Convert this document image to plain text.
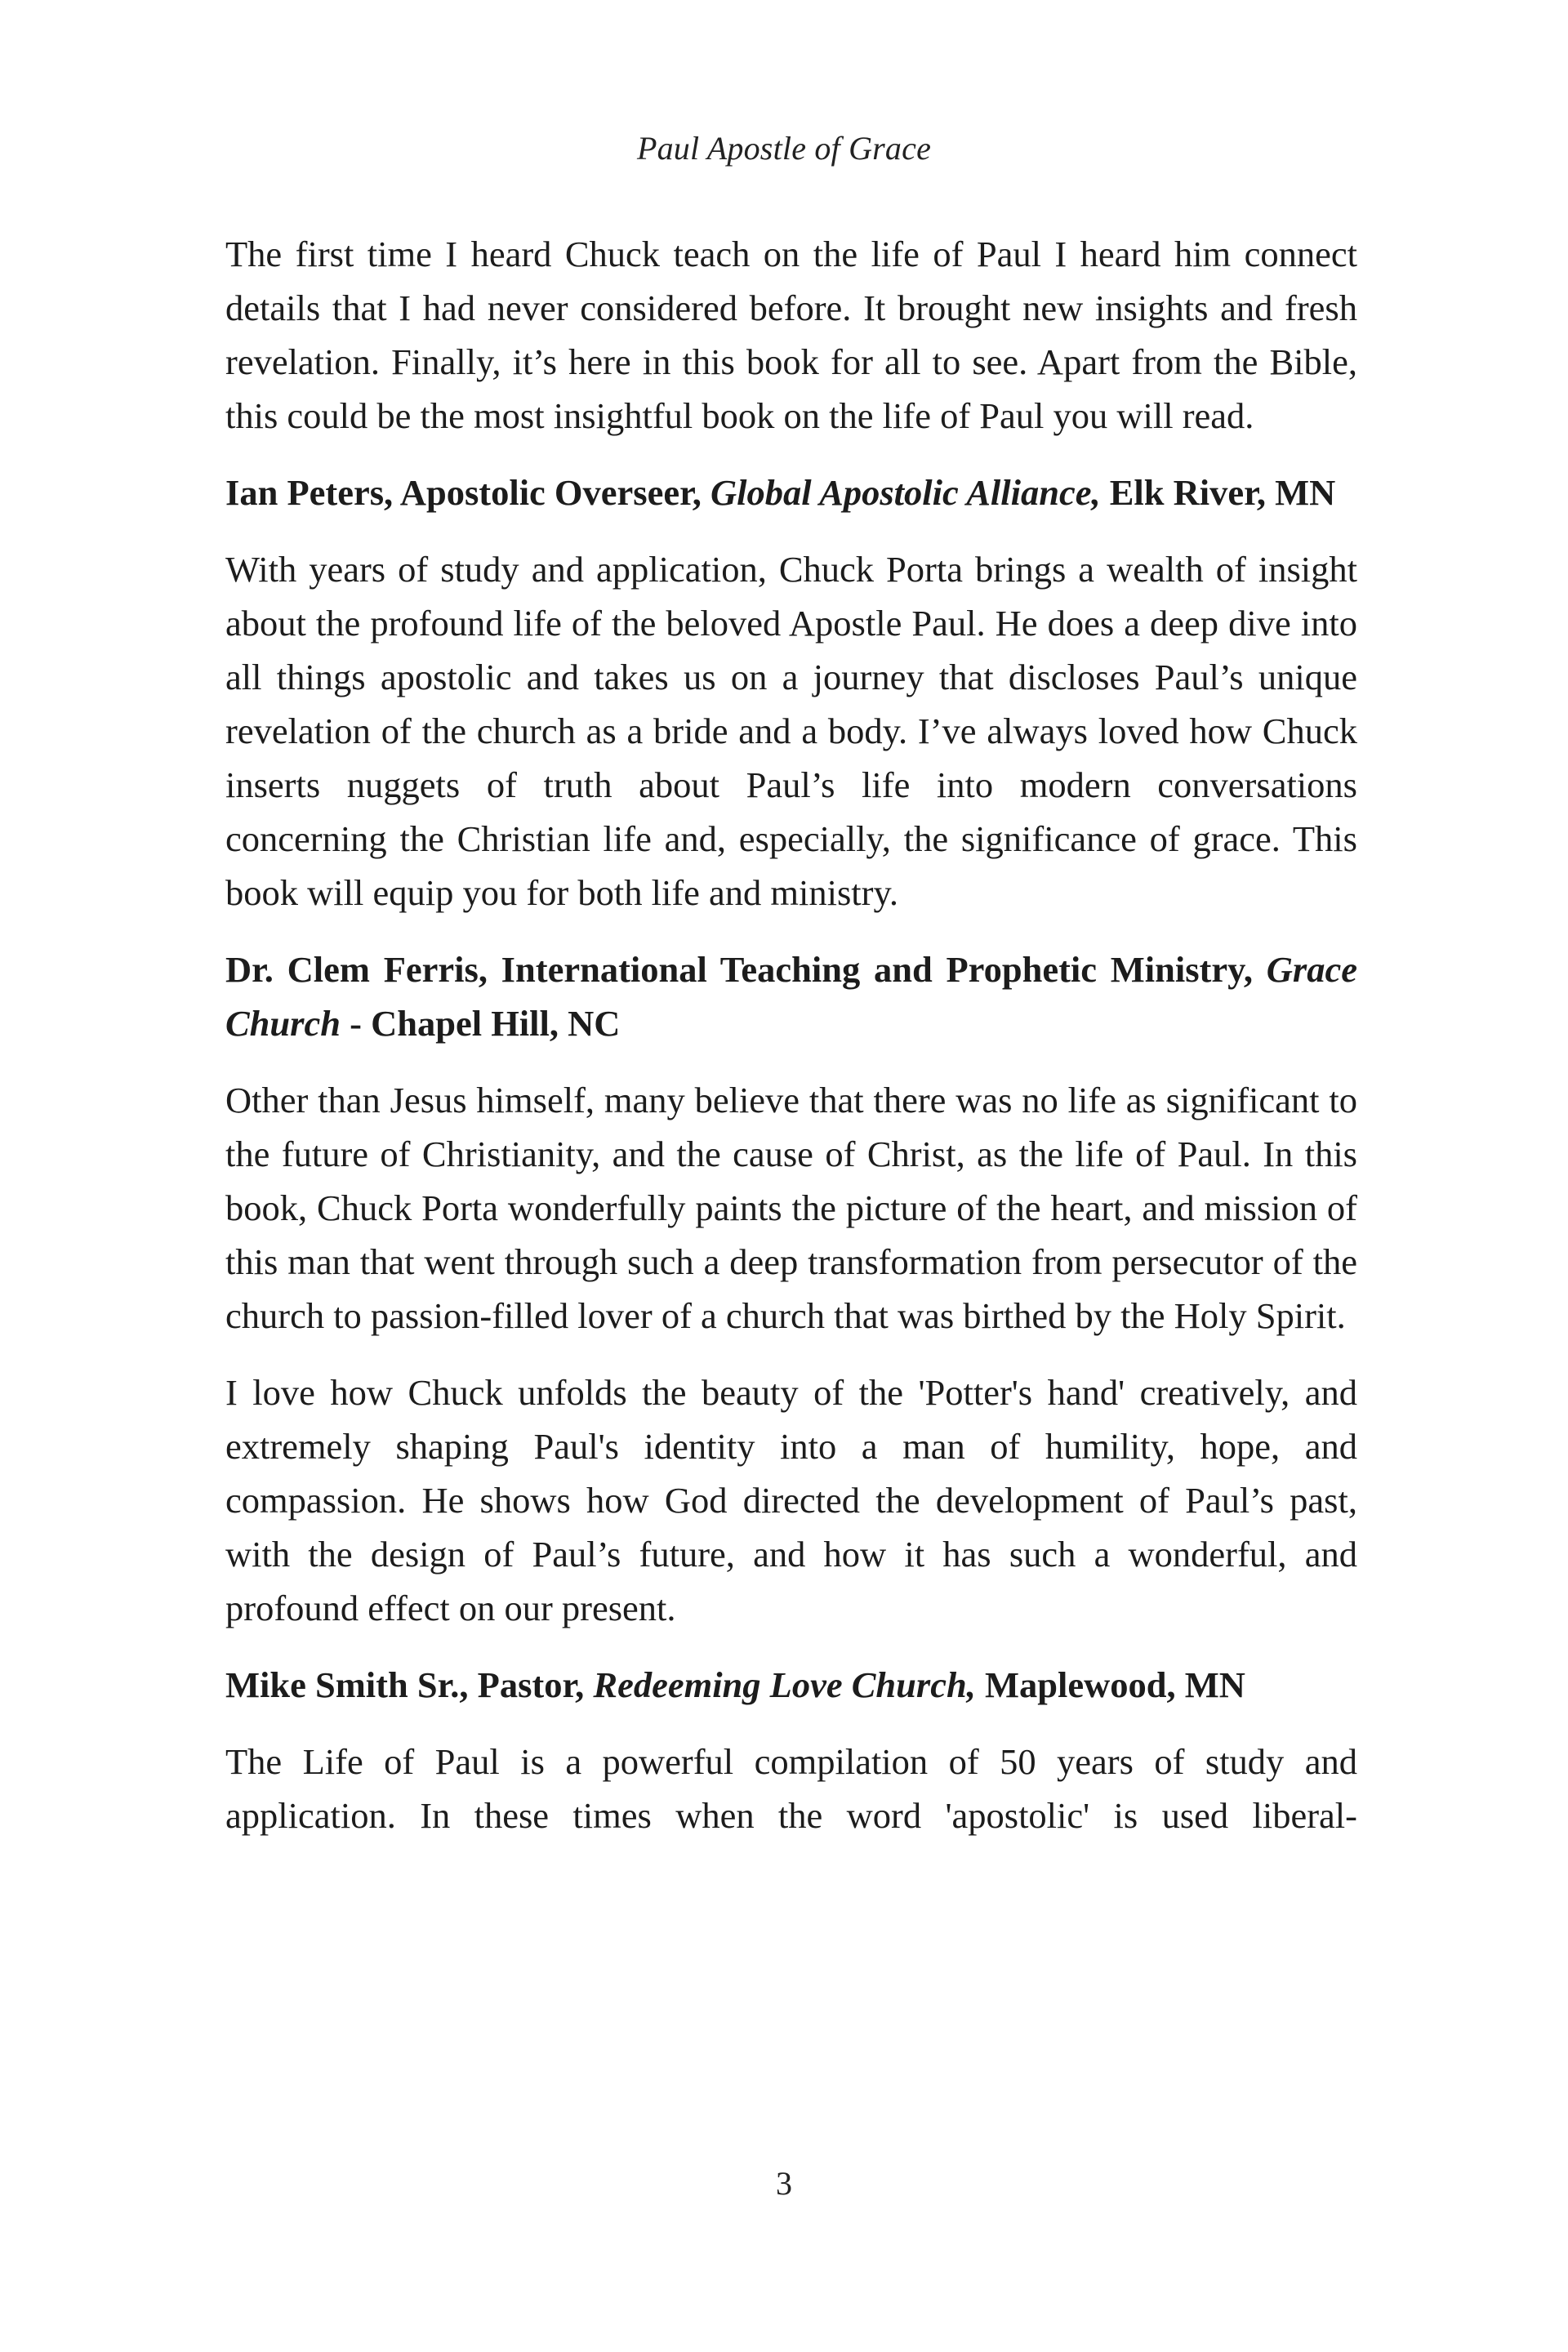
Paul Apostle of Grace

The first time I heard Chuck teach on the life of Paul I heard him connect details that I had never considered before. It brought new insights and fresh revelation. Finally, it’s here in this book for all to see. Apart from the Bible, this could be the most insightful book on the life of Paul you will read.

Ian Peters, Apostolic Overseer, Global Apostolic Alliance, Elk River, MN

With years of study and application, Chuck Porta brings a wealth of insight about the profound life of the beloved Apostle Paul. He does a deep dive into all things apostolic and takes us on a journey that discloses Paul’s unique revelation of the church as a bride and a body. I’ve always loved how Chuck inserts nuggets of truth about Paul’s life into modern conversations concerning the Christian life and, especially, the significance of grace. This book will equip you for both life and ministry.

Dr. Clem Ferris, International Teaching and Prophetic Ministry, Grace Church - Chapel Hill, NC

Other than Jesus himself, many believe that there was no life as significant to the future of Christianity, and the cause of Christ, as the life of Paul. In this book, Chuck Porta wonderfully paints the picture of the heart, and mission of this man that went through such a deep transformation from persecutor of the church to passion-filled lover of a church that was birthed by the Holy Spirit.

I love how Chuck unfolds the beauty of the 'Potter's hand' creatively, and extremely shaping Paul's identity into a man of humility, hope, and compassion. He shows how God directed the development of Paul’s past, with the design of Paul’s future, and how it has such a wonderful, and profound effect on our present.

Mike Smith Sr., Pastor, Redeeming Love Church, Maplewood, MN

The Life of Paul is a powerful compilation of 50 years of study and application. In these times when the word 'apostolic' is used liberal-

3
